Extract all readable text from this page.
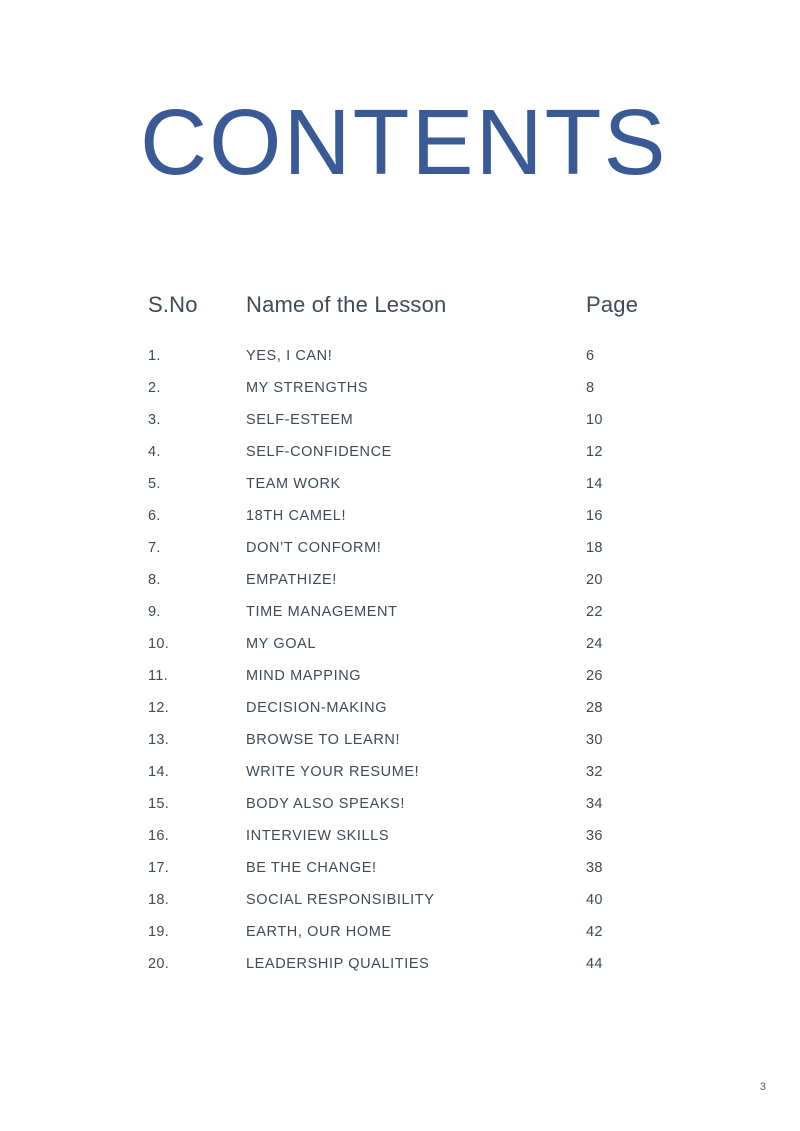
CONTENTS
S.No	Name of the Lesson	Page
1.	YES, I CAN!	6
2.	MY STRENGTHS	8
3.	SELF-ESTEEM	10
4.	SELF-CONFIDENCE	12
5.	TEAM WORK	14
6.	18TH CAMEL!	16
7.	DON’T CONFORM!	18
8.	EMPATHIZE!	20
9.	TIME MANAGEMENT	22
10.	MY GOAL	24
11.	MIND MAPPING	26
12.	DECISION-MAKING	28
13.	BROWSE TO LEARN!	30
14.	WRITE YOUR RESUME!	32
15.	BODY ALSO SPEAKS!	34
16.	INTERVIEW SKILLS	36
17.	BE THE CHANGE!	38
18.	SOCIAL RESPONSIBILITY	40
19.	EARTH, OUR HOME	42
20.	LEADERSHIP QUALITIES	44
3
